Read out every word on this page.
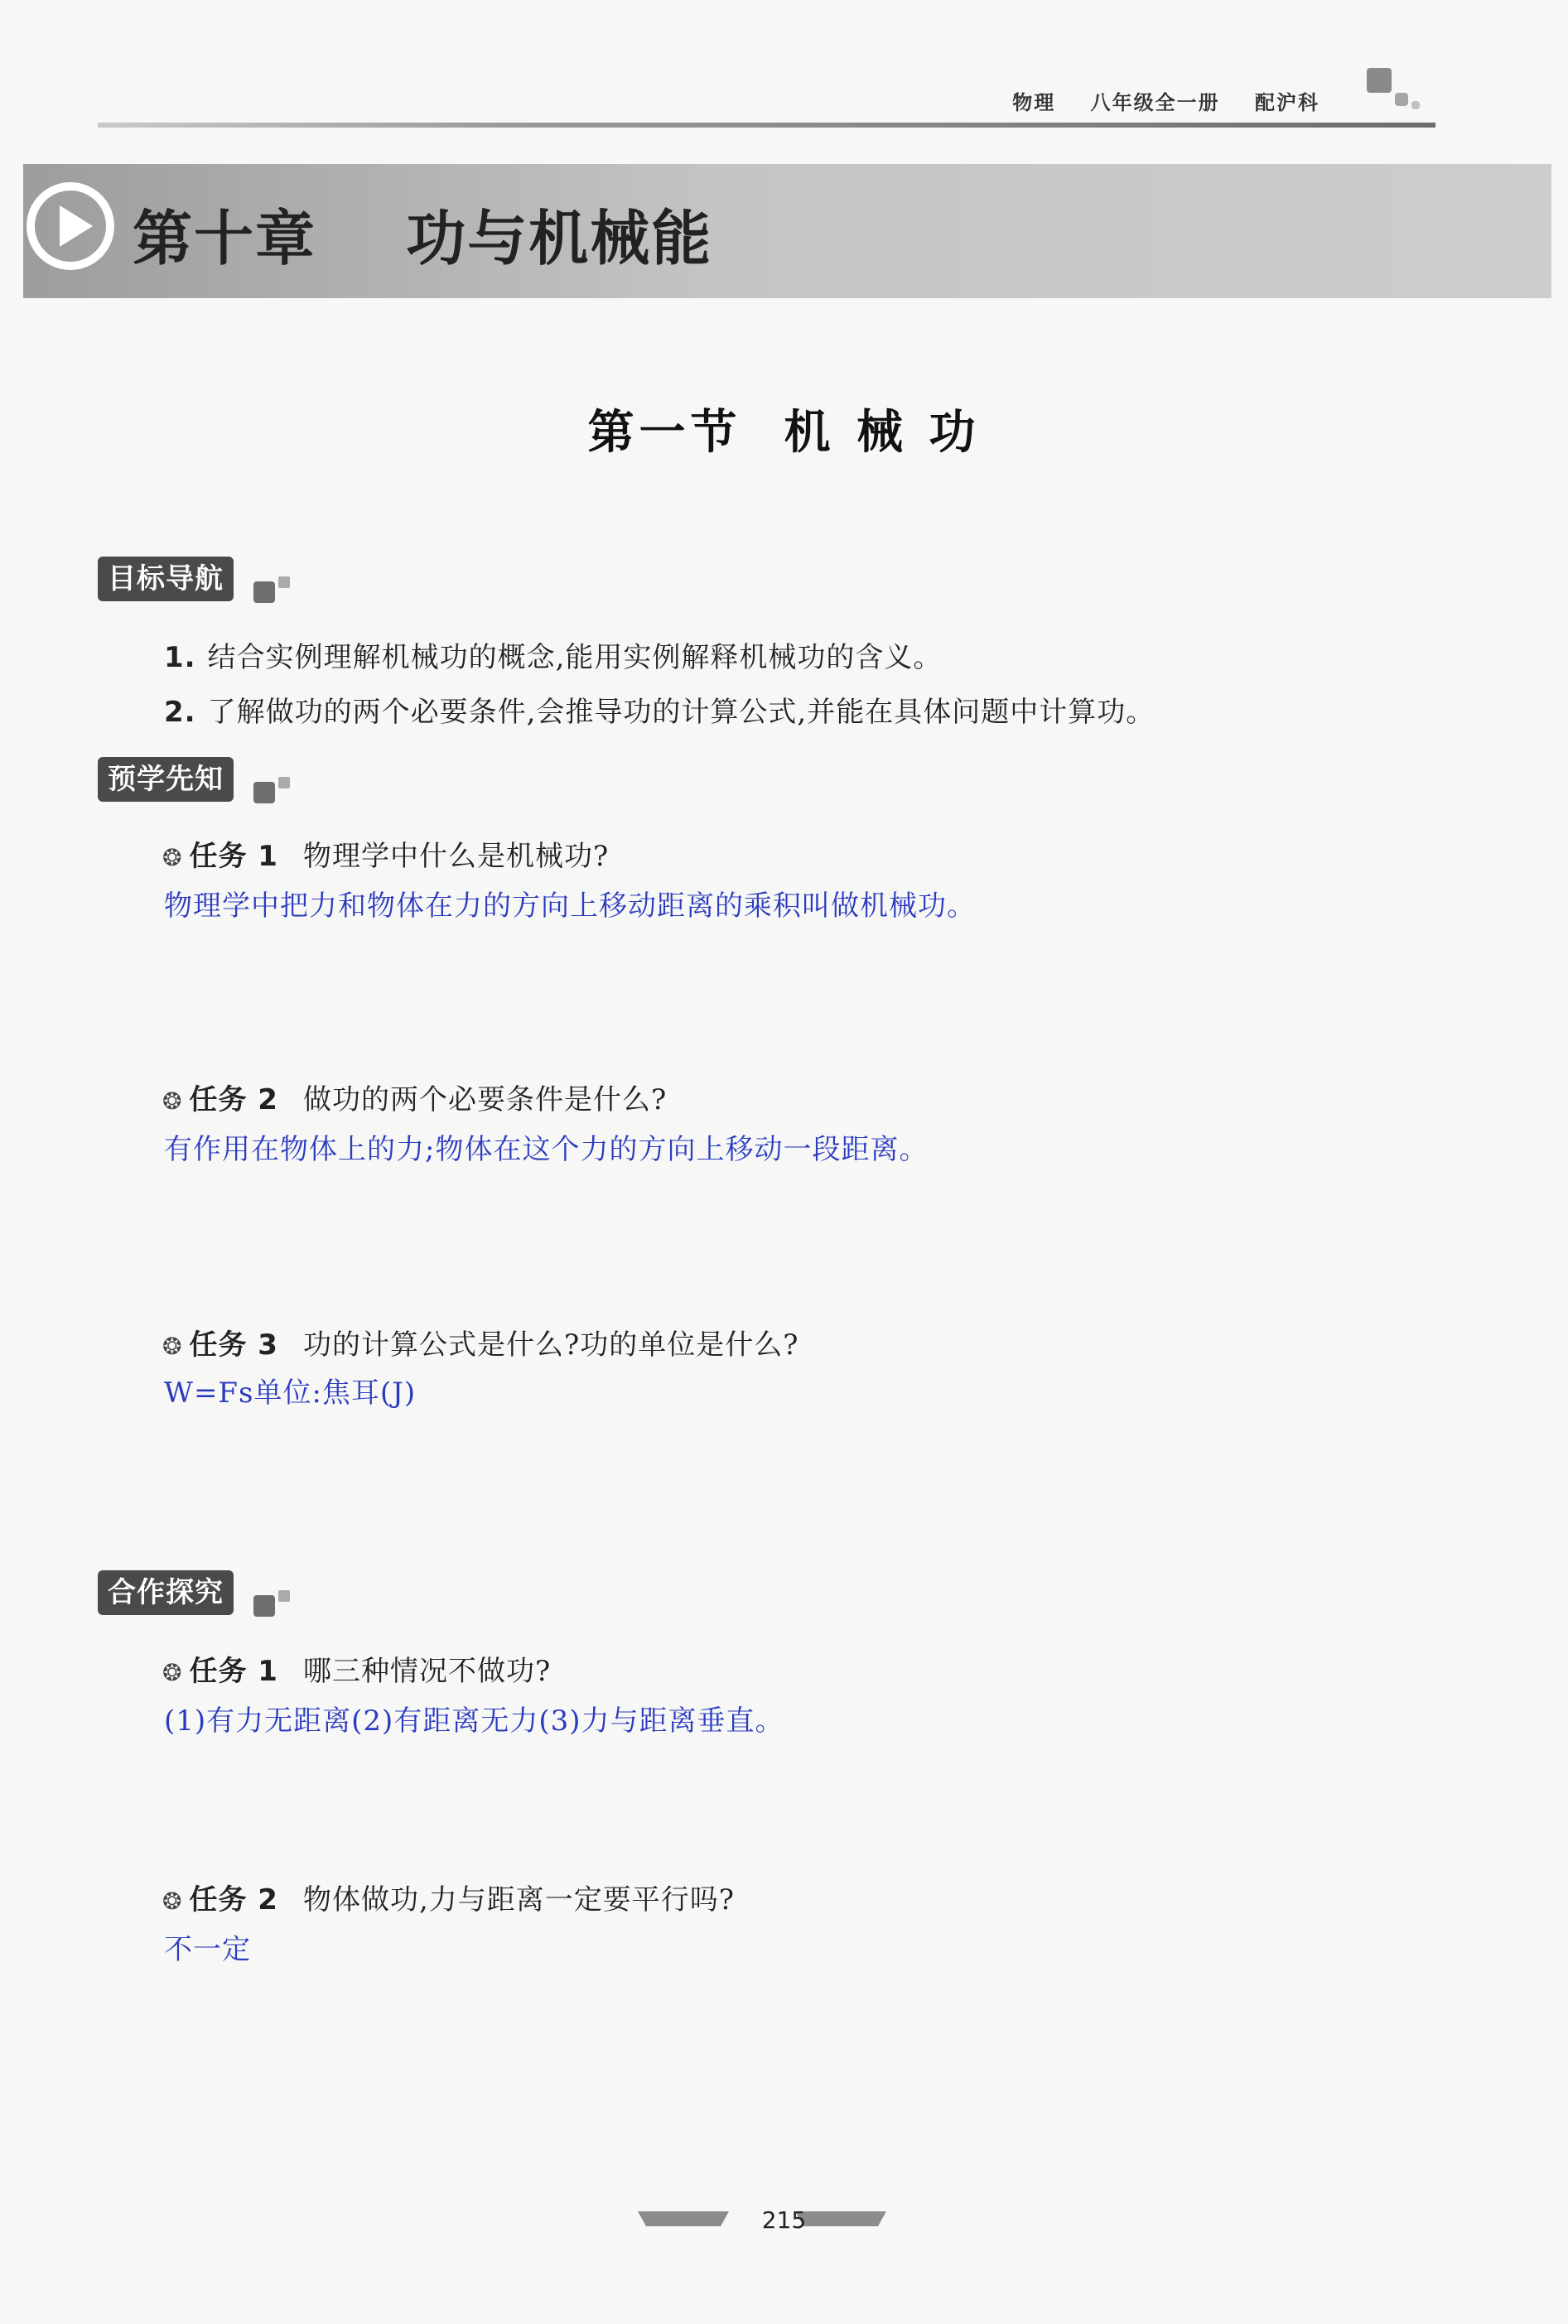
物理 八年级全一册 配沪科
第十章    功与机械能
第一节  机 械 功
目标导航
1. 结合实例理解机械功的概念,能用实例解释机械功的含义。
2. 了解做功的两个必要条件,会推导功的计算公式,并能在具体问题中计算功。
预学先知
❂ 任务 1 物理学中什么是机械功?
物理学中把力和物体在力的方向上移动距离的乘积叫做机械功。
❂ 任务 2 做功的两个必要条件是什么?
有作用在物体上的力;物体在这个力的方向上移动一段距离。
❂ 任务 3 功的计算公式是什么?功的单位是什么?
W=Fs单位:焦耳(J)
合作探究
❂ 任务 1 哪三种情况不做功?
(1)有力无距离(2)有距离无力(3)力与距离垂直。
❂ 任务 2 物体做功,力与距离一定要平行吗?
不一定
215
